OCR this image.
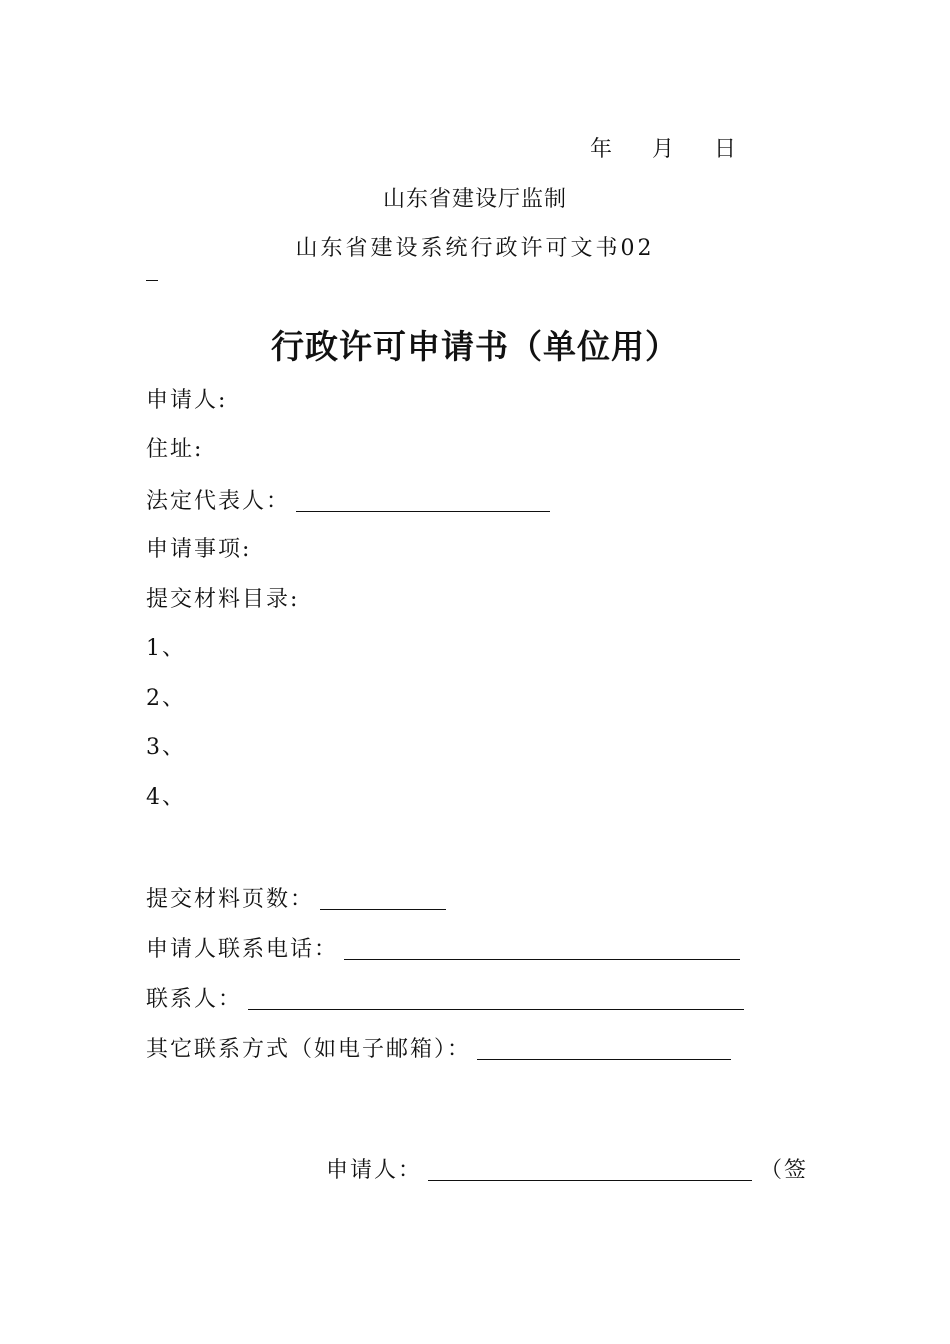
年 月 日
山东省建设厅监制
山东省建设系统行政许可文书02
行政许可申请书（单位用）
申请人:
住址:
法定代表人：
申请事项:
提交材料目录:
1、
2、
3、
4、
提交材料页数：
申请人联系电话：
联系人：
其它联系方式（如电子邮箱）：
申请人：	（签
